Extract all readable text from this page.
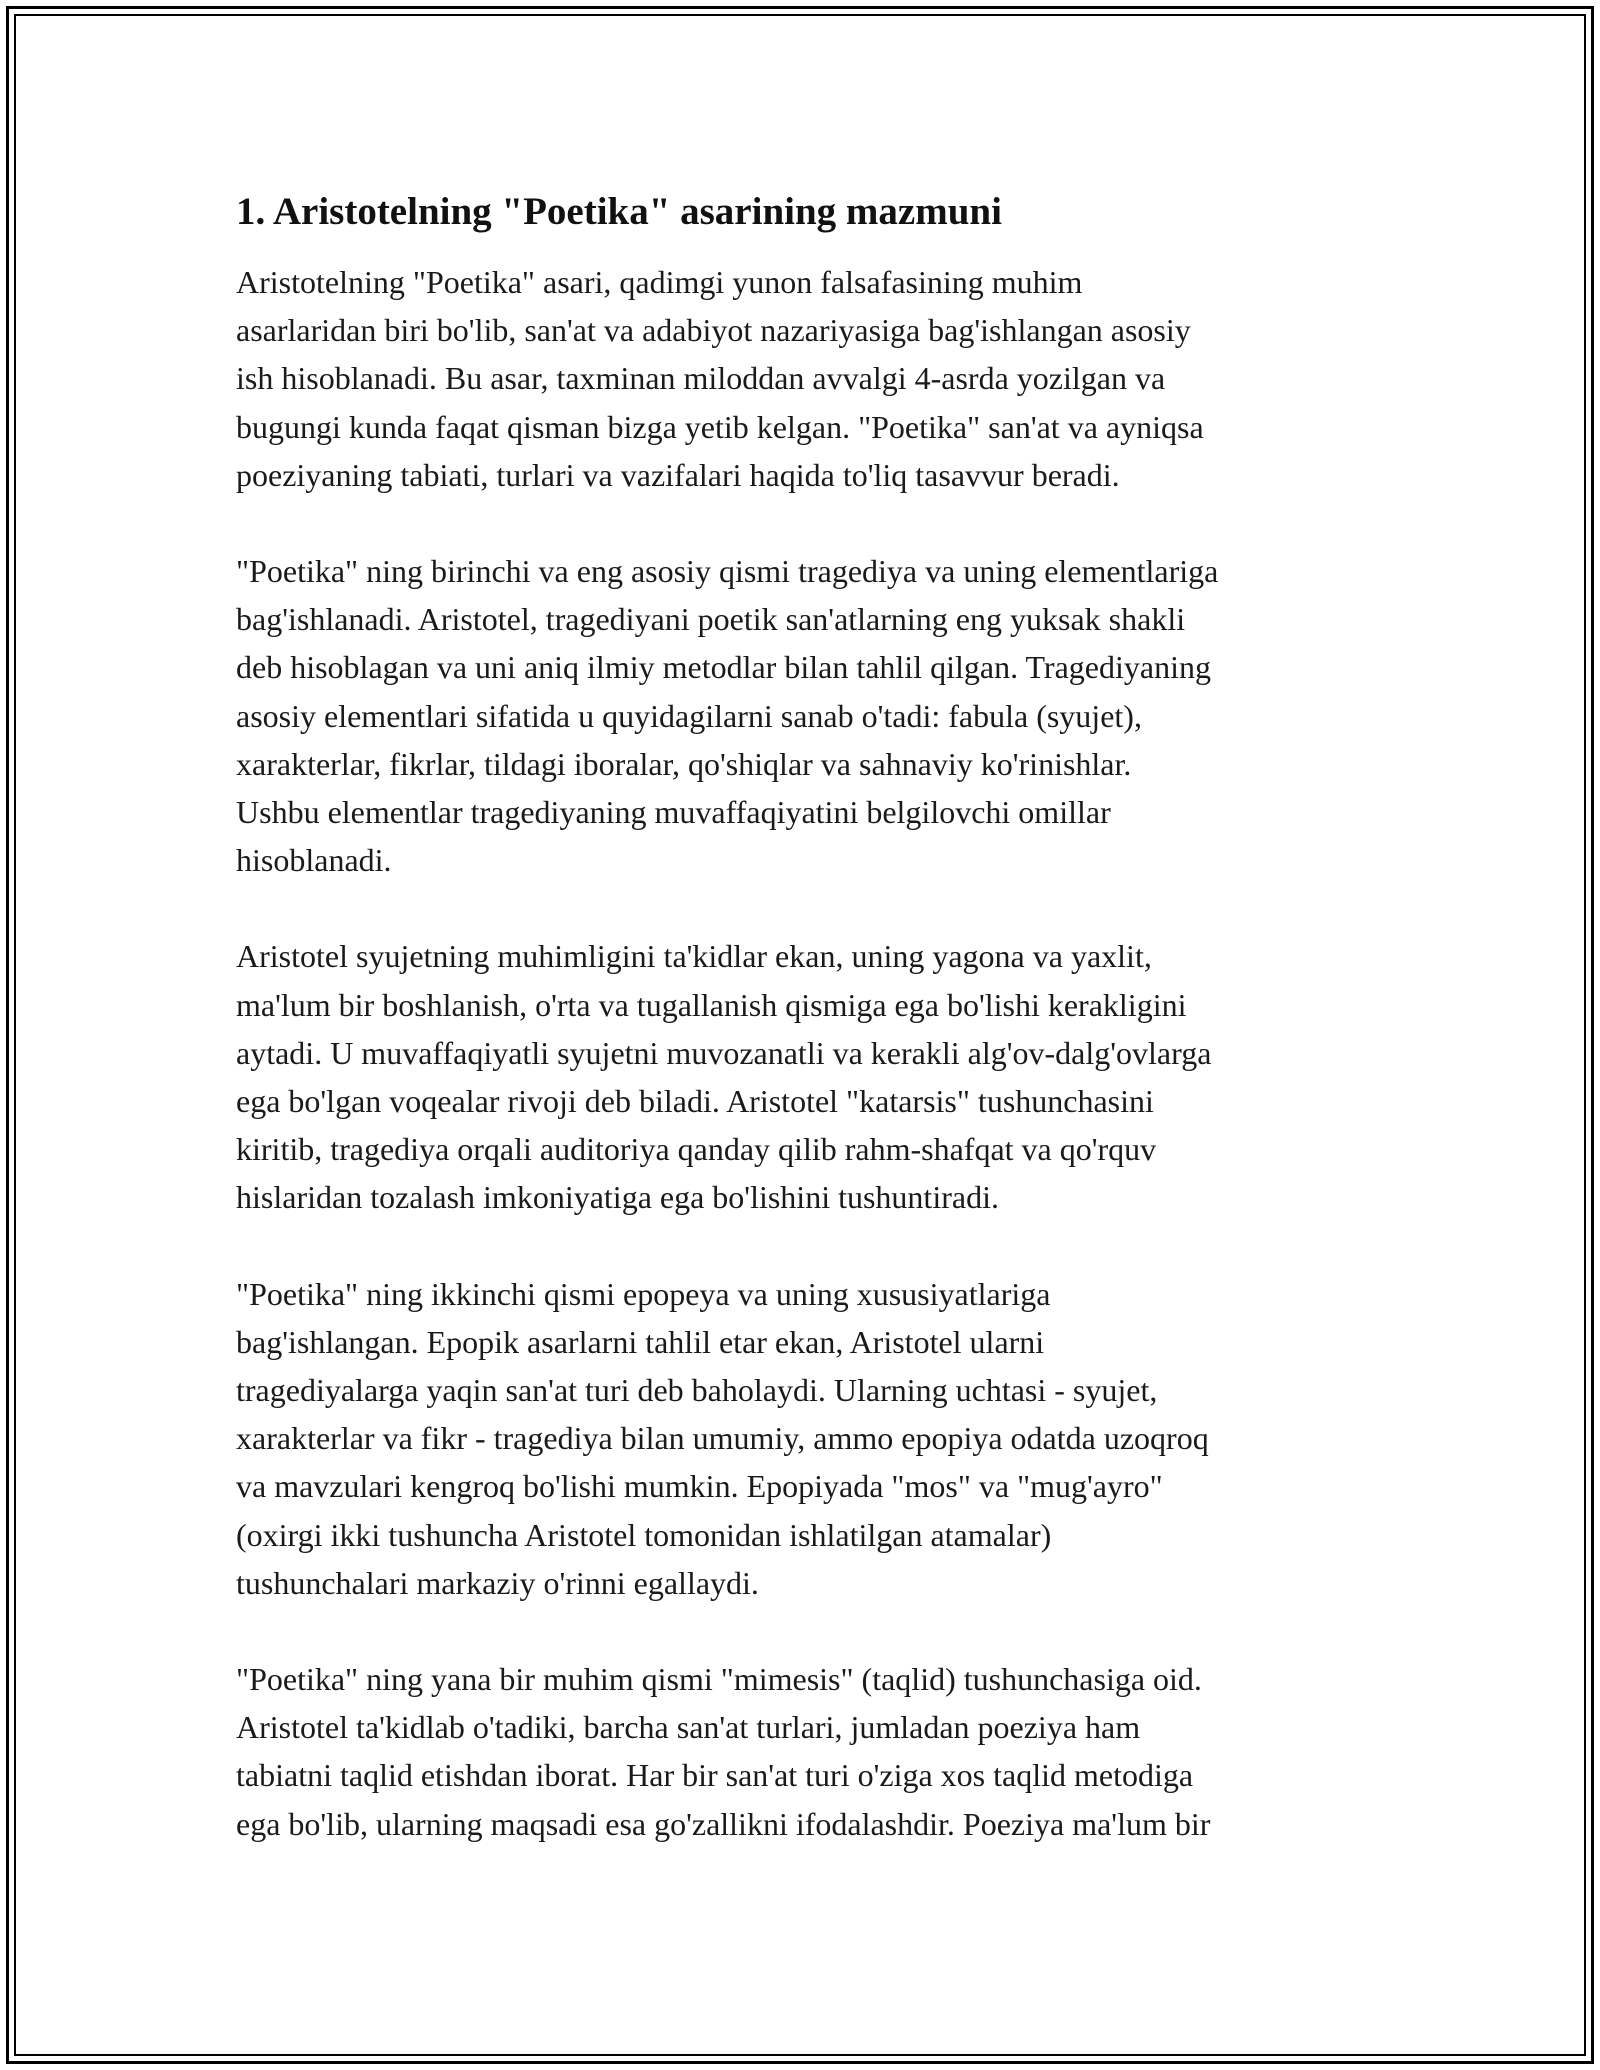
1. Aristotelning "Poetika" asarining mazmuni
Aristotelning "Poetika" asari, qadimgi yunon falsafasining muhim
asarlaridan biri bo'lib, san'at va adabiyot nazariyasiga bag'ishlangan asosiy
ish hisoblanadi. Bu asar, taxminan miloddan avvalgi 4-asrda yozilgan va
bugungi kunda faqat qisman bizga yetib kelgan. "Poetika" san'at va ayniqsa
poeziyaning tabiati, turlari va vazifalari haqida to'liq tasavvur beradi.
"Poetika" ning birinchi va eng asosiy qismi tragediya va uning elementlariga
bag'ishlanadi. Aristotel, tragediyani poetik san'atlarning eng yuksak shakli
deb hisoblagan va uni aniq ilmiy metodlar bilan tahlil qilgan. Tragediyaning
asosiy elementlari sifatida u quyidagilarni sanab o'tadi: fabula (syujet),
xarakterlar, fikrlar, tildagi iboralar, qo'shiqlar va sahnaviy ko'rinishlar.
Ushbu elementlar tragediyaning muvaffaqiyatini belgilovchi omillar
hisoblanadi.
Aristotel syujetning muhimligini ta'kidlar ekan, uning yagona va yaxlit,
ma'lum bir boshlanish, o'rta va tugallanish qismiga ega bo'lishi kerakligini
aytadi. U muvaffaqiyatli syujetni muvozanatli va kerakli alg'ov-dalg'ovlarga
ega bo'lgan voqealar rivoji deb biladi. Aristotel "katarsis" tushunchasini
kiritib, tragediya orqali auditoriya qanday qilib rahm-shafqat va qo'rquv
hislaridan tozalash imkoniyatiga ega bo'lishini tushuntiradi.
"Poetika" ning ikkinchi qismi epopeya va uning xususiyatlariga
bag'ishlangan. Epopik asarlarni tahlil etar ekan, Aristotel ularni
tragediyalarga yaqin san'at turi deb baholaydi. Ularning uchtasi - syujet,
xarakterlar va fikr - tragediya bilan umumiy, ammo epopiya odatda uzoqroq
va mavzulari kengroq bo'lishi mumkin. Epopiyada "mos" va "mug'ayro"
(oxirgi ikki tushuncha Aristotel tomonidan ishlatilgan atamalar)
tushunchalari markaziy o'rinni egallaydi.
"Poetika" ning yana bir muhim qismi "mimesis" (taqlid) tushunchasiga oid.
Aristotel ta'kidlab o'tadiki, barcha san'at turlari, jumladan poeziya ham
tabiatni taqlid etishdan iborat. Har bir san'at turi o'ziga xos taqlid metodiga
ega bo'lib, ularning maqsadi esa go'zallikni ifodalashdir. Poeziya ma'lum bir
